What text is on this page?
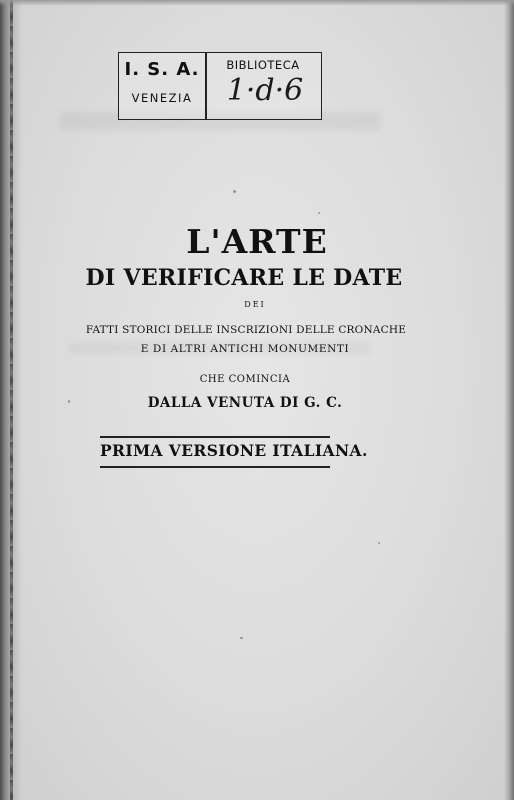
I. S. A.
VENEZIA
BIBLIOTECA
1·d·6
L'ARTE
DI VERIFICARE LE DATE
DEI
FATTI STORICI DELLE INSCRIZIONI DELLE CRONACHE
E DI ALTRI ANTICHI MONUMENTI
CHE COMINCIA
DALLA VENUTA DI G. C.
PRIMA VERSIONE ITALIANA.
